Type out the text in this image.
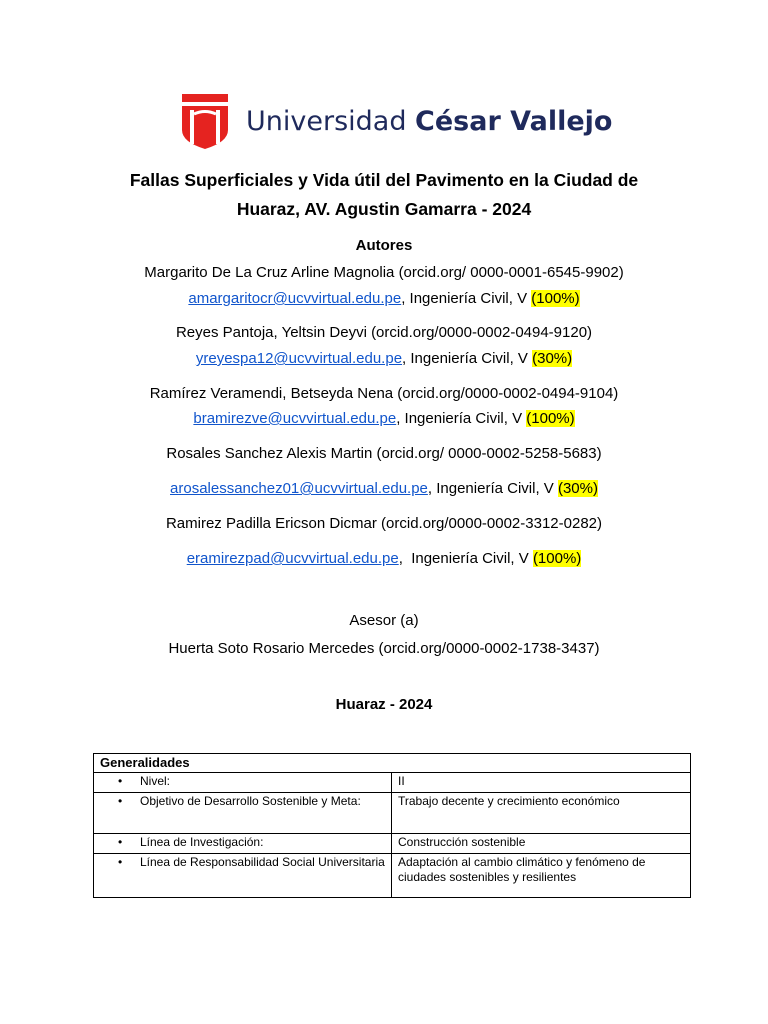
Universidad César Vallejo
Fallas Superficiales y Vida útil del Pavimento en la Ciudad de
Huaraz, AV. Agustin Gamarra - 2024
Autores
Margarito De La Cruz Arline Magnolia (orcid.org/ 0000-0001-6545-9902)
amargaritocr@ucvvirtual.edu.pe, Ingeniería Civil, V (100%)
Reyes Pantoja, Yeltsin Deyvi (orcid.org/0000-0002-0494-9120)
yreyespa12@ucvvirtual.edu.pe, Ingeniería Civil, V (30%)
Ramírez Veramendi, Betseyda Nena (orcid.org/0000-0002-0494-9104)
bramirezve@ucvvirtual.edu.pe, Ingeniería Civil, V (100%)
Rosales Sanchez Alexis Martin (orcid.org/ 0000-0002-5258-5683)
arosalessanchez01@ucvvirtual.edu.pe, Ingeniería Civil, V (30%)
Ramirez Padilla Ericson Dicmar (orcid.org/0000-0002-3312-0282)
eramirezpad@ucvvirtual.edu.pe,  Ingeniería Civil, V (100%)
Asesor (a)
Huerta Soto Rosario Mercedes (orcid.org/0000-0002-1738-3437)
Huaraz - 2024
Generalidades	

• Nivel:	II

• Objetivo de Desarrollo Sostenible y Meta:	Trabajo decente y crecimiento económico

• Línea de Investigación:	Construcción sostenible

• Línea de Responsabilidad Social Universitaria	Adaptación al cambio climático y fenómeno de ciudades sostenibles y resilientes
